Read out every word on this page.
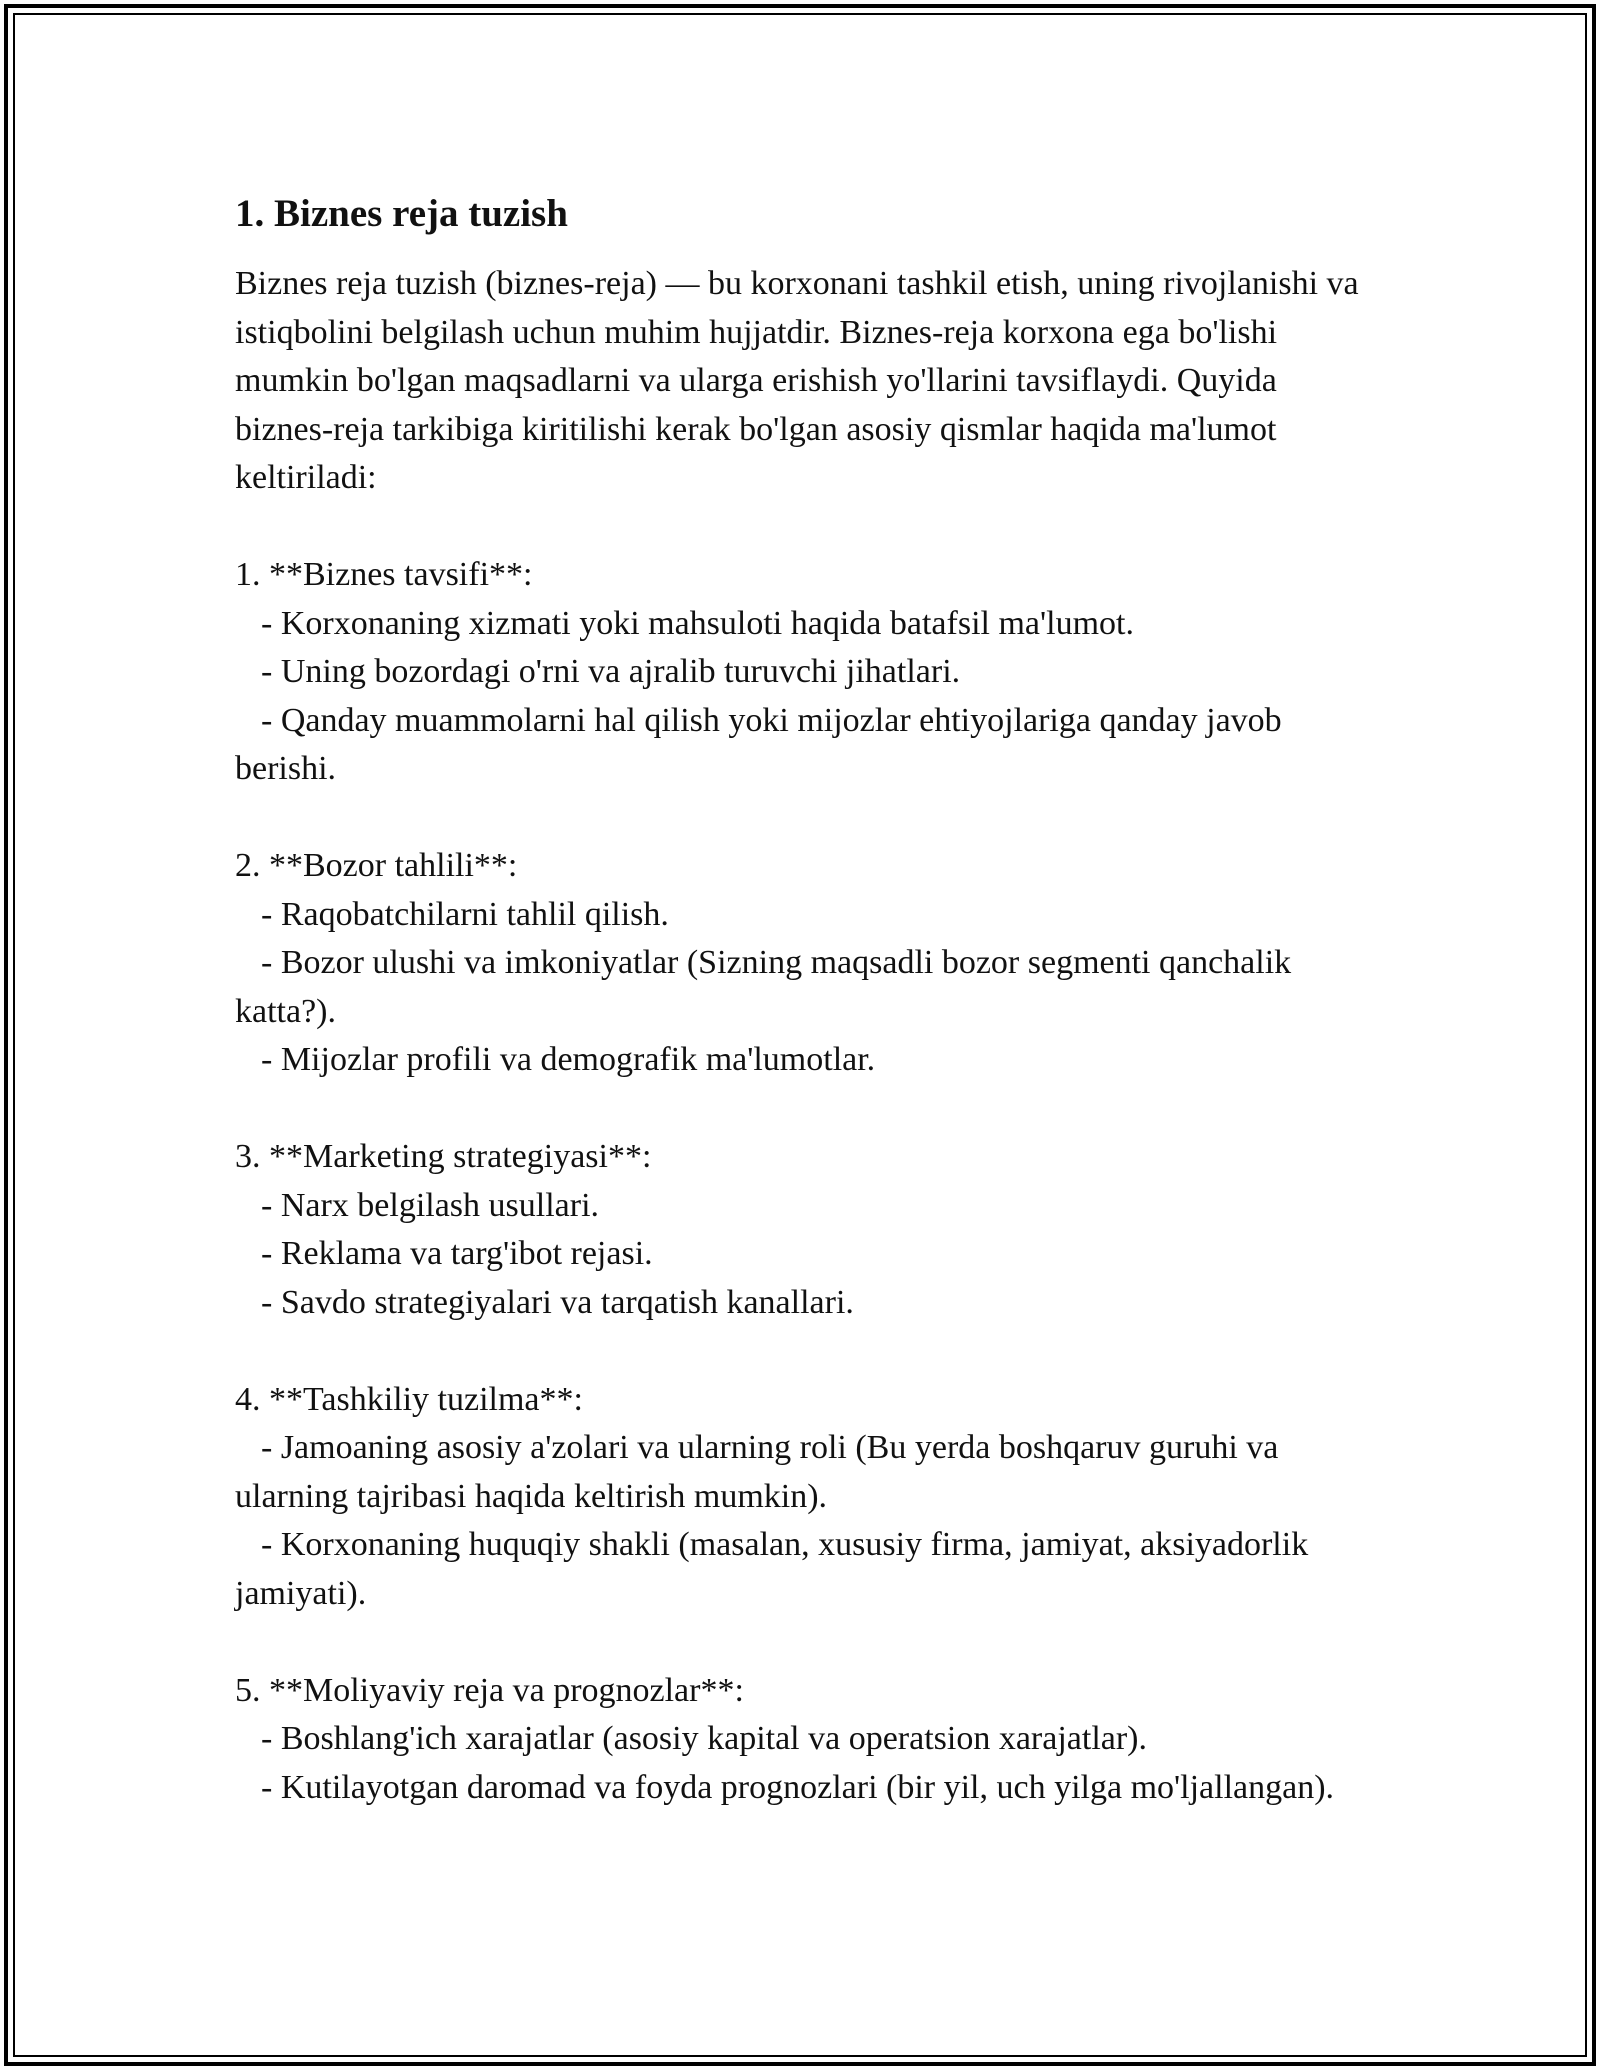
1. Biznes reja tuzish

Biznes reja tuzish (biznes-reja) — bu korxonani tashkil etish, uning rivojlanishi va istiqbolini belgilash uchun muhim hujjatdir. Biznes-reja korxona ega bo'lishi mumkin bo'lgan maqsadlarni va ularga erishish yo'llarini tavsiflaydi. Quyida biznes-reja tarkibiga kiritilishi kerak bo'lgan asosiy qismlar haqida ma'lumot keltiriladi:

1. **Biznes tavsifi**:
- Korxonaning xizmati yoki mahsuloti haqida batafsil ma'lumot.
- Uning bozordagi o'rni va ajralib turuvchi jihatlari.
- Qanday muammolarni hal qilish yoki mijozlar ehtiyojlariga qanday javob berishi.
2. **Bozor tahlili**:
- Raqobatchilarni tahlil qilish.
- Bozor ulushi va imkoniyatlar (Sizning maqsadli bozor segmenti qanchalik katta?).
- Mijozlar profili va demografik ma'lumotlar.
3. **Marketing strategiyasi**:
- Narx belgilash usullari.
- Reklama va targ'ibot rejasi.
- Savdo strategiyalari va tarqatish kanallari.
4. **Tashkiliy tuzilma**:
- Jamoaning asosiy a'zolari va ularning roli (Bu yerda boshqaruv guruhi va ularning tajribasi haqida keltirish mumkin).
- Korxonaning huquqiy shakli (masalan, xususiy firma, jamiyat, aksiyadorlik jamiyati).
5. **Moliyaviy reja va prognozlar**:
- Boshlang'ich xarajatlar (asosiy kapital va operatsion xarajatlar).
- Kutilayotgan daromad va foyda prognozlari (bir yil, uch yilga mo'ljallangan).
